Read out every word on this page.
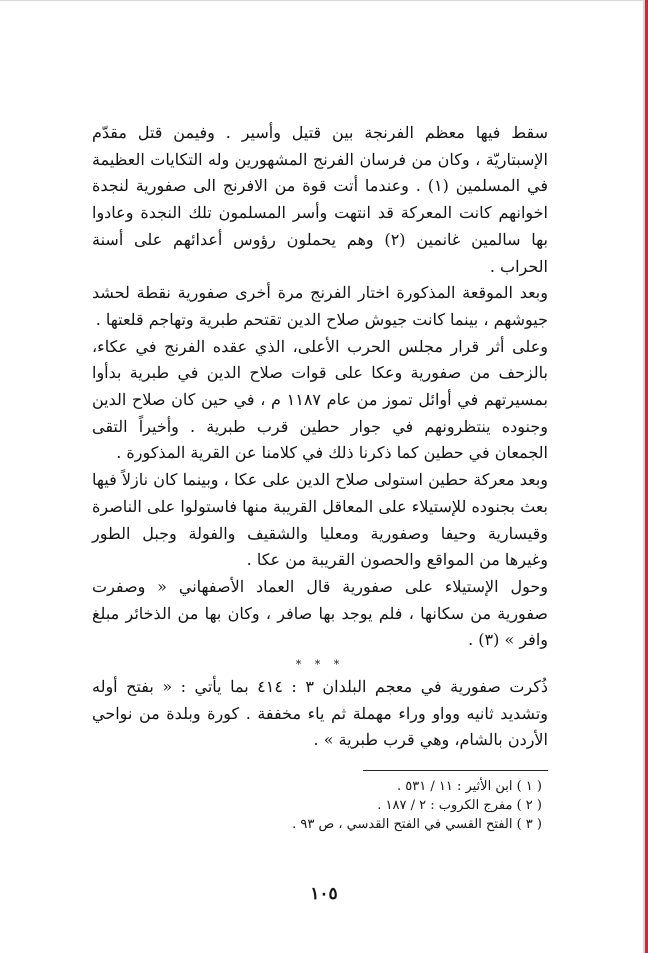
سقط فيها معظم الفرنجة بين قتيل وأسير . وفيمن قتل مقدّم الإسبتاريّة ، وكان من فرسان الفرنج المشهورين وله التكايات العظيمة في المسلمين (١) . وعندما أتت قوة من الافرنج الى صفورية لنجدة اخوانهم كانت المعركة قد انتهت وأسر المسلمون تلك النجدة وعادوا بها سالمين غانمين (٢) وهم يحملون رؤوس أعدائهم على أسنة الحراب .

وبعد الموقعة المذكورة اختار الفرنج مرة أخرى صفورية نقطة لحشد جيوشهم ، بينما كانت جيوش صلاح الدين تقتحم طبرية وتهاجم قلعتها .

وعلى أثر قرار مجلس الحرب الأعلى، الذي عقده الفرنج في عكاء، بالزحف من صفورية وعكا على قوات صلاح الدين في طبرية بدأوا بمسيرتهم في أوائل تموز من عام ١١٨٧ م ، في حين كان صلاح الدين وجنوده ينتظرونهم في جوار حطين قرب طبرية . وأخيراً التقى الجمعان في حطين كما ذكرنا ذلك في كلامنا عن القرية المذكورة .

وبعد معركة حطين استولى صلاح الدين على عكا ، وبينما كان نازلاً فيها بعث بجنوده للإستيلاء على المعاقل القريبة منها فاستولوا على الناصرة وقيسارية وحيفا وصفورية ومعليا والشقيف والفولة وجبل الطور وغيرها من المواقع والحصون القريبة من عكا .

وحول الإستيلاء على صفورية قال العماد الأصفهاني « وصفرت صفورية من سكانها ، فلم يوجد بها صافر ، وكان بها من الذخائر مبلغ وافر » (٣) .

* * *

ذُكرت صفورية في معجم البلدان ٣ : ٤١٤ بما يأتي : « بفتح أوله وتشديد ثانيه وواو وراء مهملة ثم ياء مخففة . كورة وبلدة من نواحي الأردن بالشام، وهي قرب طبرية » .

( ١ ) ابن الأثير : ١١ / ٥٣١ .
( ٢ ) مفرج الكروب : ٢ / ١٨٧ .
( ٣ ) الفتح القسي في الفتح القدسي ، ص ٩٣ .
١٠٥
